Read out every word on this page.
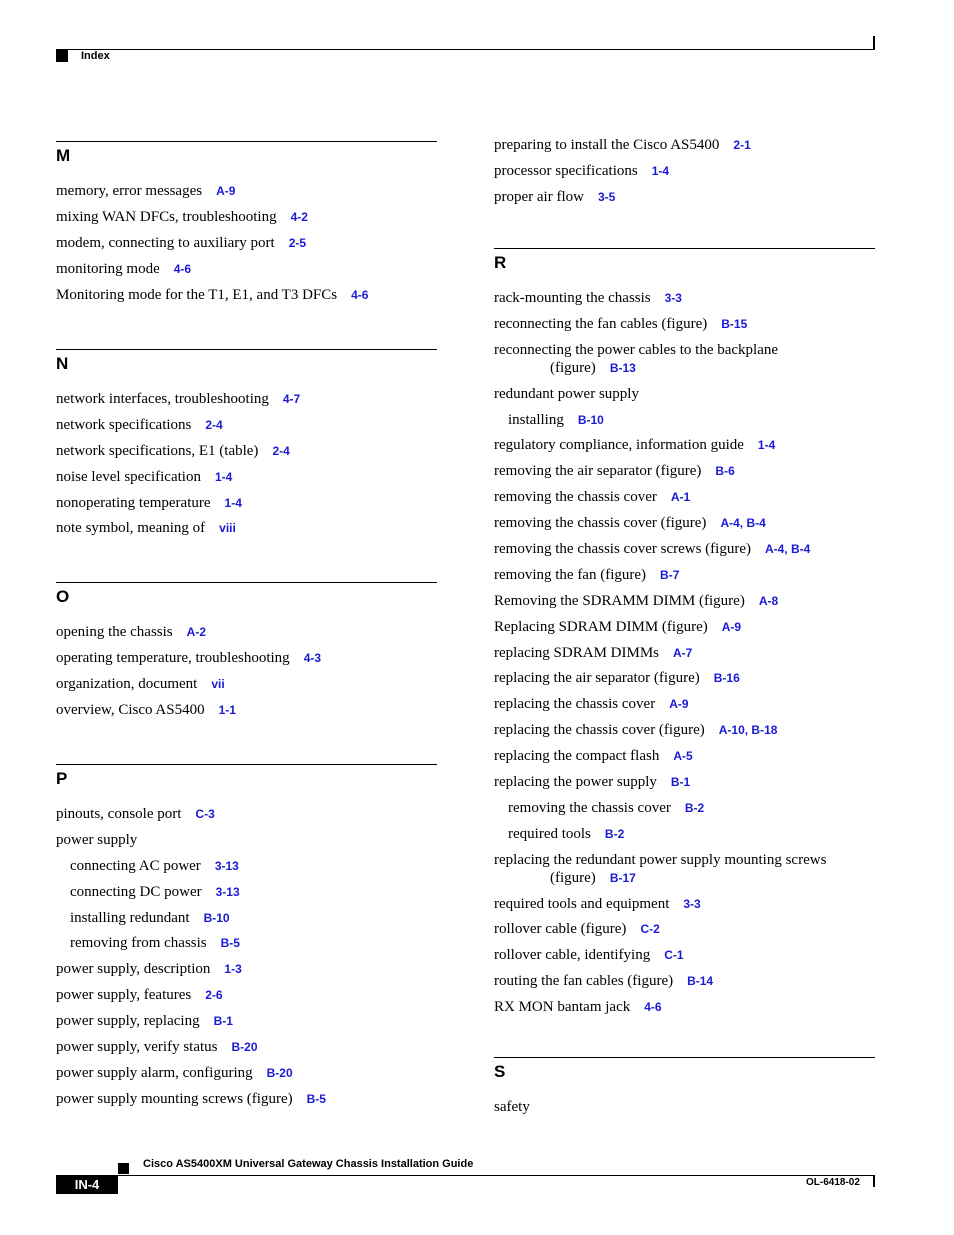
Index
M
memory, error messages A-9
mixing WAN DFCs, troubleshooting 4-2
modem, connecting to auxiliary port 2-5
monitoring mode 4-6
Monitoring mode for the T1, E1, and T3 DFCs 4-6
N
network interfaces, troubleshooting 4-7
network specifications 2-4
network specifications, E1 (table) 2-4
noise level specification 1-4
nonoperating temperature 1-4
note symbol, meaning of viii
O
opening the chassis A-2
operating temperature, troubleshooting 4-3
organization, document vii
overview, Cisco AS5400 1-1
P
pinouts, console port C-3
power supply
connecting AC power 3-13
connecting DC power 3-13
installing redundant B-10
removing from chassis B-5
power supply, description 1-3
power supply, features 2-6
power supply, replacing B-1
power supply, verify status B-20
power supply alarm, configuring B-20
power supply mounting screws (figure) B-5
preparing to install the Cisco AS5400 2-1
processor specifications 1-4
proper air flow 3-5
R
rack-mounting the chassis 3-3
reconnecting the fan cables (figure) B-15
reconnecting the power cables to the backplane
(figure) B-13
redundant power supply
installing B-10
regulatory compliance, information guide 1-4
removing the air separator (figure) B-6
removing the chassis cover A-1
removing the chassis cover (figure) A-4, B-4
removing the chassis cover screws (figure) A-4, B-4
removing the fan (figure) B-7
Removing the SDRAMM DIMM (figure) A-8
Replacing SDRAM DIMM (figure) A-9
replacing SDRAM DIMMs A-7
replacing the air separator (figure) B-16
replacing the chassis cover A-9
replacing the chassis cover (figure) A-10, B-18
replacing the compact flash A-5
replacing the power supply B-1
removing the chassis cover B-2
required tools B-2
replacing the redundant power supply mounting screws
(figure) B-17
required tools and equipment 3-3
rollover cable (figure) C-2
rollover cable, identifying C-1
routing the fan cables (figure) B-14
RX MON bantam jack 4-6
S
safety
Cisco AS5400XM Universal Gateway Chassis Installation Guide
IN-4	OL-6418-02
